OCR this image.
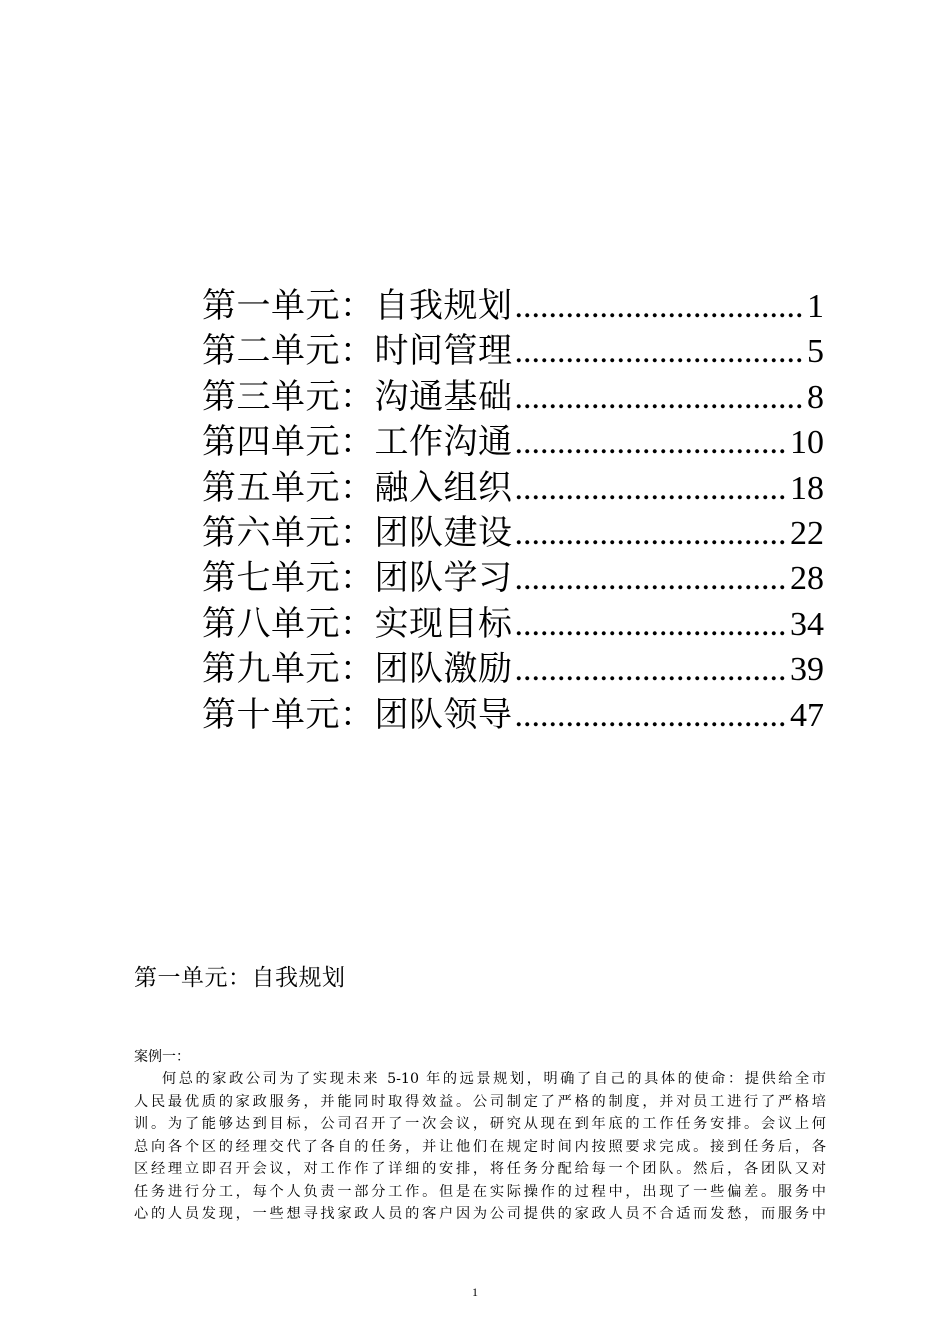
第一单元：自我规划 .....	1
第二单元：时间管理 .....	5
第三单元：沟通基础 .....	8
第四单元：工作沟通 .....	10
第五单元：融入组织 .....	18
第六单元：团队建设 .....	22
第七单元：团队学习 .....	28
第八单元：实现目标 .....	34
第九单元：团队激励 .....	39
第十单元：团队领导 .....	47
第一单元：自我规划
案例一：
何总的家政公司为了实现未来 5-10 年的远景规划，明确了自己的具体的使命：提供给全市
人民最优质的家政服务，并能同时取得效益。公司制定了严格的制度，并对员工进行了严格培
训。为了能够达到目标，公司召开了一次会议，研究从现在到年底的工作任务安排。会议上何
总向各个区的经理交代了各自的任务，并让他们在规定时间内按照要求完成。接到任务后，各
区经理立即召开会议，对工作作了详细的安排，将任务分配给每一个团队。然后，各团队又对
任务进行分工，每个人负责一部分工作。但是在实际操作的过程中，出现了一些偏差。服务中
心的人员发现，一些想寻找家政人员的客户因为公司提供的家政人员不合适而发愁，而服务中
1
